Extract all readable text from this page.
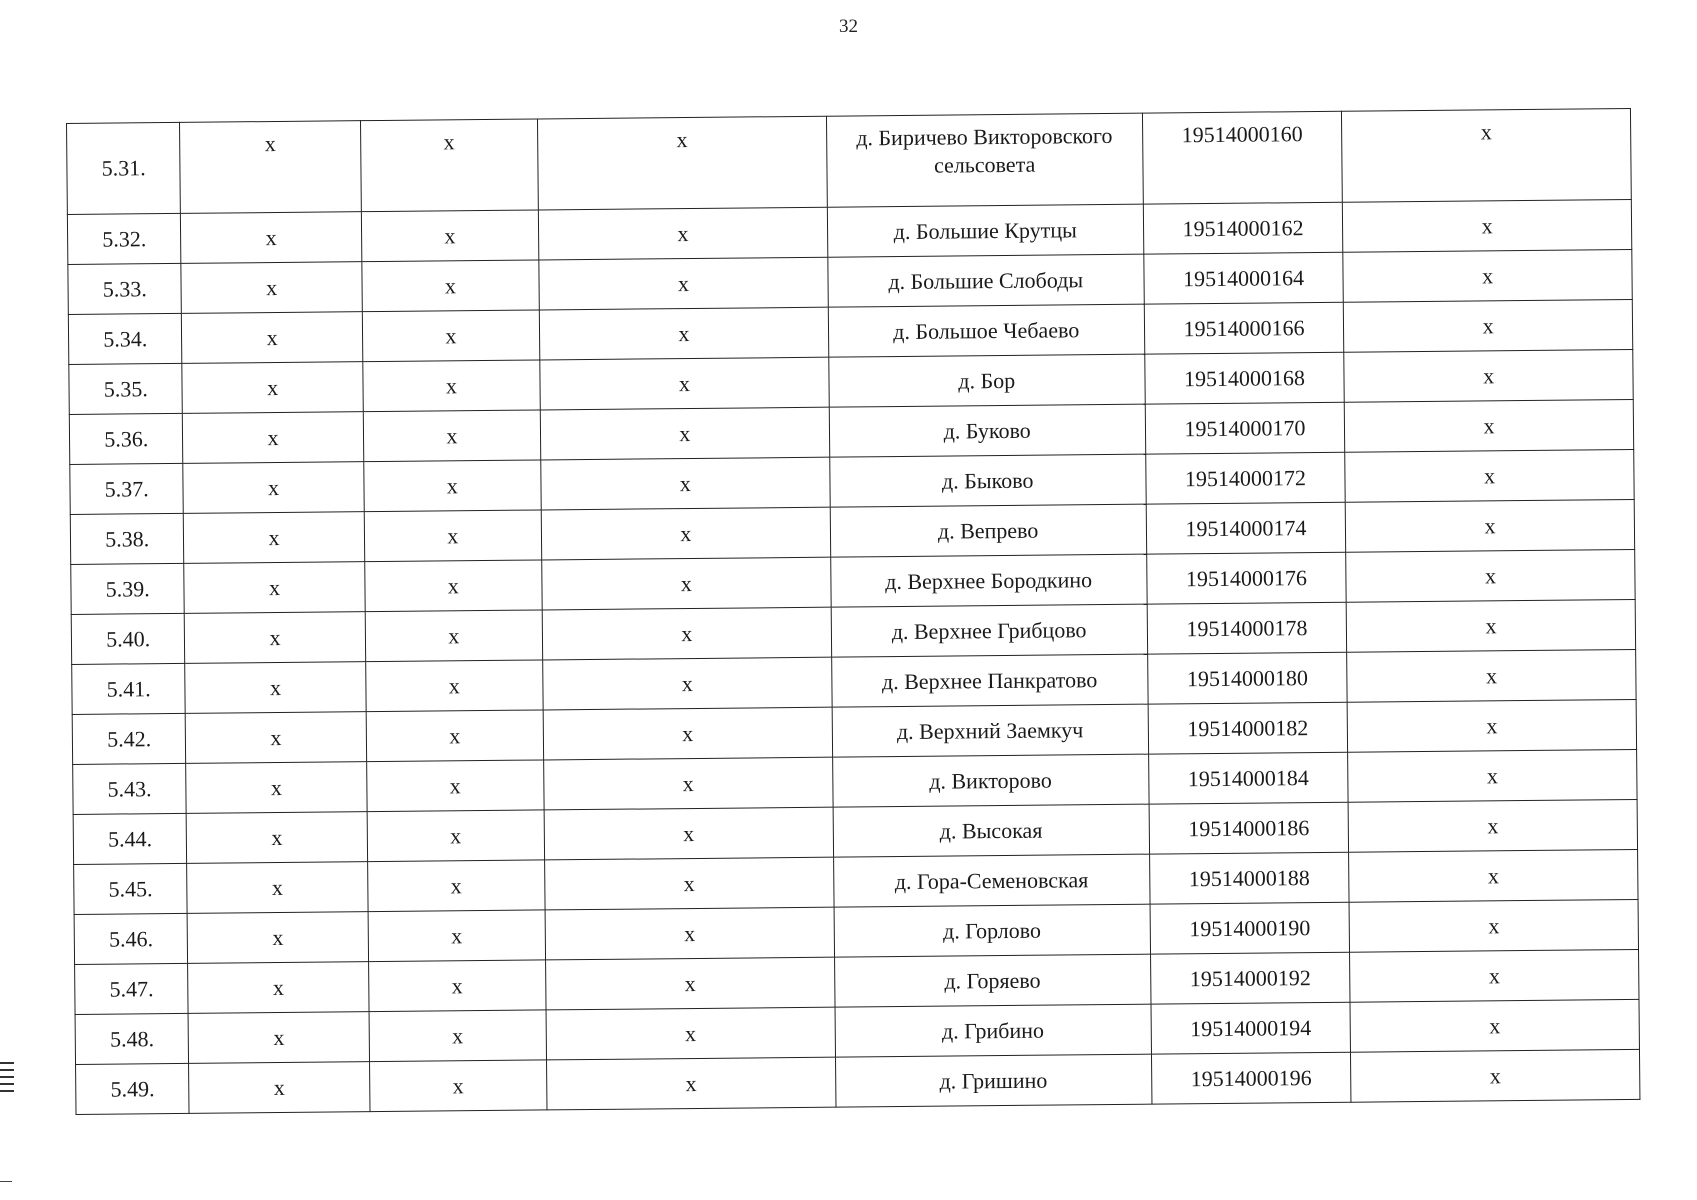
32
5.31.	х	х	х	д. Биричево Викторовского сельсовета	19514000160	х
5.32.	х	х	х	д. Большие Крутцы	19514000162	х
5.33.	х	х	х	д. Большие Слободы	19514000164	х
5.34.	х	х	х	д. Большое Чебаево	19514000166	х
5.35.	х	х	х	д. Бор	19514000168	х
5.36.	х	х	х	д. Буково	19514000170	х
5.37.	х	х	х	д. Быково	19514000172	х
5.38.	х	х	х	д. Вепрево	19514000174	х
5.39.	х	х	х	д. Верхнее Бородкино	19514000176	х
5.40.	х	х	х	д. Верхнее Грибцово	19514000178	х
5.41.	х	х	х	д. Верхнее Панкратово	19514000180	х
5.42.	х	х	х	д. Верхний Заемкуч	19514000182	х
5.43.	х	х	х	д. Викторово	19514000184	х
5.44.	х	х	х	д. Высокая	19514000186	х
5.45.	х	х	х	д. Гора-Семеновская	19514000188	х
5.46.	х	х	х	д. Горлово	19514000190	х
5.47.	х	х	х	д. Горяево	19514000192	х
5.48.	х	х	х	д. Грибино	19514000194	х
5.49.	х	х	х	д. Гришино	19514000196	х
